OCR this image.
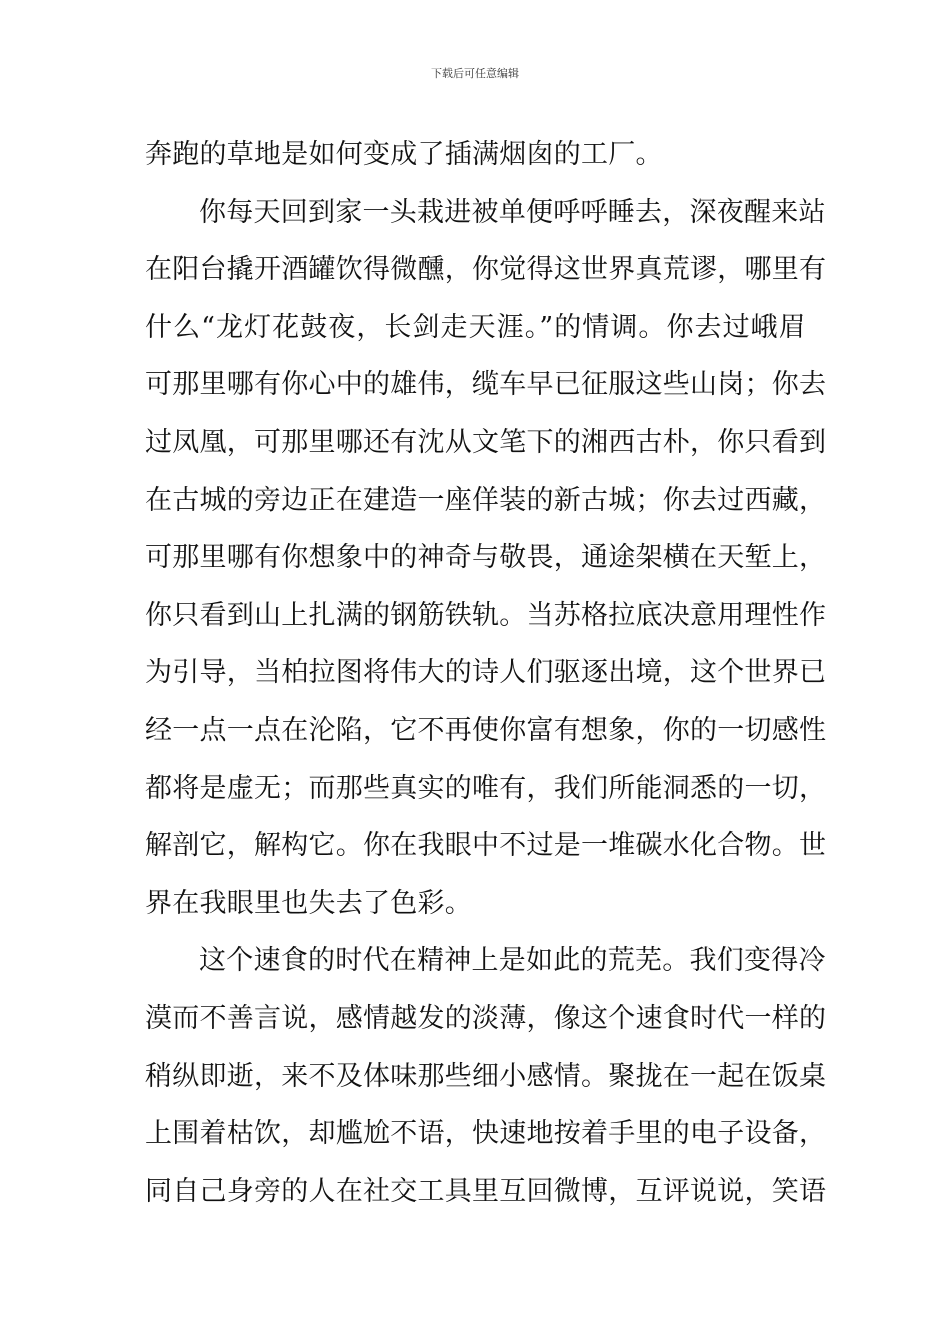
下载后可任意编辑
奔跑的草地是如何变成了插满烟囱的工厂。
你每天回到家一头栽进被单便呼呼睡去，深夜醒来站
在阳台撬开酒罐饮得微醺，你觉得这世界真荒谬，哪里有
什么“龙灯花鼓夜，长剑走天涯。”的情调。你去过峨眉
可那里哪有你心中的雄伟，缆车早已征服这些山岗；你去
过凤凰，可那里哪还有沈从文笔下的湘西古朴，你只看到
在古城的旁边正在建造一座佯装的新古城；你去过西藏，
可那里哪有你想象中的神奇与敬畏，通途架横在天堑上，
你只看到山上扎满的钢筋铁轨。当苏格拉底决意用理性作
为引导，当柏拉图将伟大的诗人们驱逐出境，这个世界已
经一点一点在沦陷，它不再使你富有想象，你的一切感性
都将是虚无；而那些真实的唯有，我们所能洞悉的一切，
解剖它，解构它。你在我眼中不过是一堆碳水化合物。世
界在我眼里也失去了色彩。
这个速食的时代在精神上是如此的荒芜。我们变得冷
漠而不善言说，感情越发的淡薄，像这个速食时代一样的
稍纵即逝，来不及体味那些细小感情。聚拢在一起在饭桌
上围着枯饮，却尴尬不语，快速地按着手里的电子设备，
同自己身旁的人在社交工具里互回微博，互评说说，笑语
